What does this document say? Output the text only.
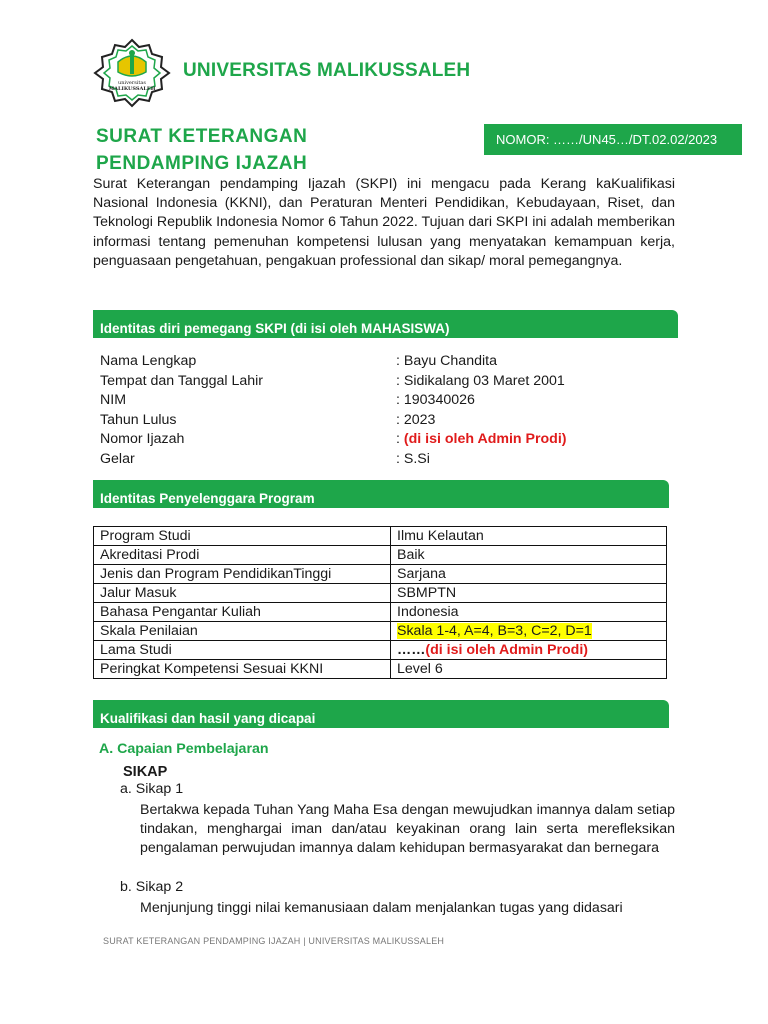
universitas
MALIKUSSALEH
UNIVERSITAS MALIKUSSALEH
SURAT KETERANGAN
PENDAMPING IJAZAH
NOMOR: ……/UN45…/DT.02.02/2023
Surat Keterangan pendamping Ijazah (SKPI) ini mengacu pada Kerang kaKualifikasi Nasional Indonesia (KKNI), dan Peraturan Menteri Pendidikan, Kebudayaan, Riset, dan Teknologi Republik Indonesia Nomor 6 Tahun 2022. Tujuan dari SKPI ini adalah memberikan informasi tentang pemenuhan kompetensi lulusan yang menyatakan kemampuan kerja, penguasaan pengetahuan, pengakuan professional dan sikap/ moral pemegangnya.
Identitas diri pemegang SKPI (di isi oleh MAHASISWA)
Nama Lengkap	: Bayu Chandita
Tempat dan Tanggal Lahir	: Sidikalang 03 Maret 2001
NIM	: 190340026
Tahun Lulus	: 2023
Nomor Ijazah	: (di isi oleh Admin Prodi)
Gelar	: S.Si
Identitas Penyelenggara Program
Program Studi	Ilmu Kelautan
Akreditasi Prodi	Baik
Jenis dan Program PendidikanTinggi	Sarjana
Jalur Masuk	SBMPTN
Bahasa Pengantar Kuliah	Indonesia
Skala Penilaian	Skala 1-4, A=4, B=3, C=2, D=1
Lama Studi	……(di isi oleh Admin Prodi)
Peringkat Kompetensi Sesuai KKNI	Level 6
Kualifikasi dan hasil yang dicapai
A. Capaian Pembelajaran
SIKAP
a. Sikap 1
Bertakwa kepada Tuhan Yang Maha Esa dengan mewujudkan imannya dalam setiap tindakan, menghargai iman dan/atau keyakinan orang lain serta merefleksikan pengalaman perwujudan imannya dalam kehidupan bermasyarakat dan bernegara
b. Sikap 2
Menjunjung tinggi nilai kemanusiaan dalam menjalankan tugas yang didasari
SURAT KETERANGAN PENDAMPING IJAZAH | UNIVERSITAS MALIKUSSALEH
